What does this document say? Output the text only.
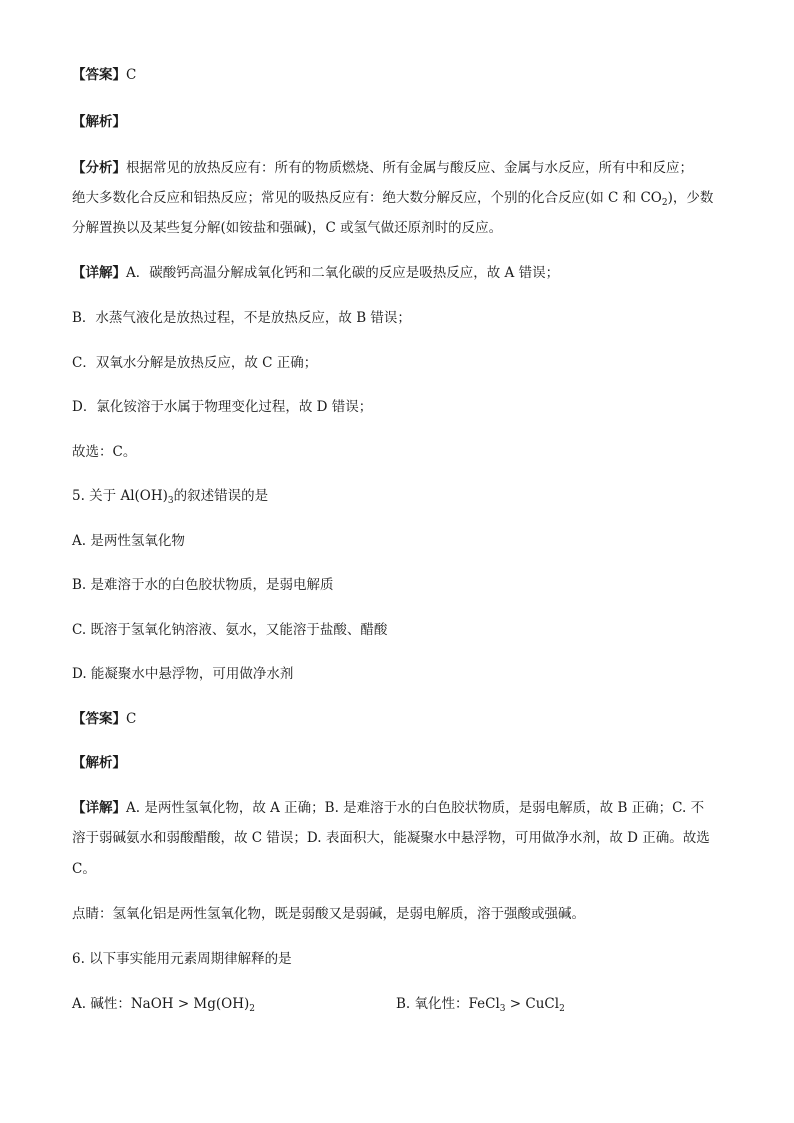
【答案】C
【解析】
【分析】根据常见的放热反应有：所有的物质燃烧、所有金属与酸反应、金属与水反应，所有中和反应；
绝大多数化合反应和铝热反应；常见的吸热反应有：绝大数分解反应，个别的化合反应(如 C 和 $CO_2$)，少数
分解置换以及某些复分解(如铵盐和强碱)，C 或氢气做还原剂时的反应。
【详解】A．碳酸钙高温分解成氧化钙和二氧化碳的反应是吸热反应，故 A 错误；
B．水蒸气液化是放热过程，不是放热反应，故 B 错误；
C．双氧水分解是放热反应，故 C 正确；
D．氯化铵溶于水属于物理变化过程，故 D 错误；
故选：C。
5. 关于 $Al(OH)_3$的叙述错误的是
A. 是两性氢氧化物
B. 是难溶于水的白色胶状物质，是弱电解质
C. 既溶于氢氧化钠溶液、氨水，又能溶于盐酸、醋酸
D. 能凝聚水中悬浮物，可用做净水剂
【答案】C
【解析】
【详解】A. 是两性氢氧化物，故 A 正确；B. 是难溶于水的白色胶状物质，是弱电解质，故 B 正确；C. 不
溶于弱碱氨水和弱酸醋酸，故 C 错误；D. 表面积大，能凝聚水中悬浮物，可用做净水剂，故 D 正确。故选
C。
点睛：氢氧化铝是两性氢氧化物，既是弱酸又是弱碱，是弱电解质，溶于强酸或强碱。
6. 以下事实能用元素周期律解释的是
A. 碱性：NaOH > $Mg(OH)_2$	B. 氧化性：FeCl$_3$ > CuCl$_2$
